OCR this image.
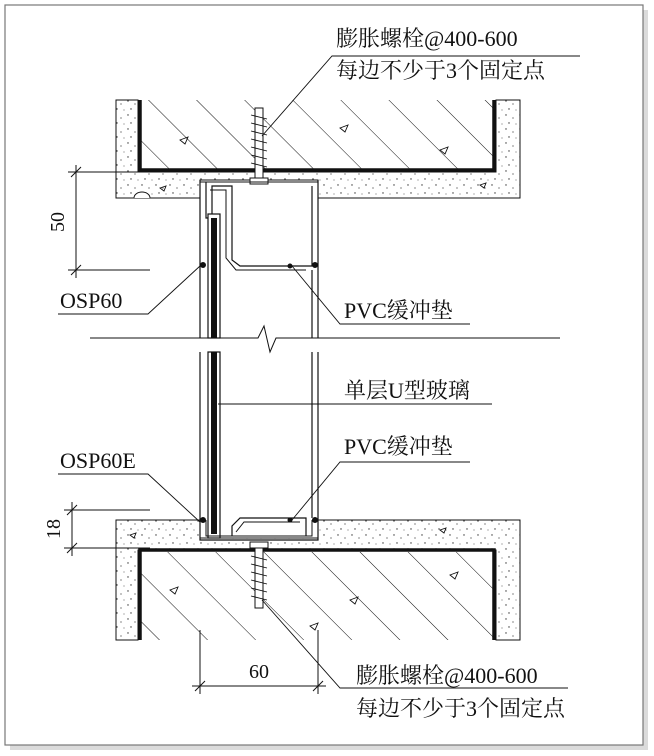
50
18
60
膨胀螺栓@400-600
每边不少于3个固定点
OSP60	PVC缓冲垫
单层U型玻璃
PVC缓冲垫
OSP60E
膨胀螺栓@400-600
每边不少于3个固定点
